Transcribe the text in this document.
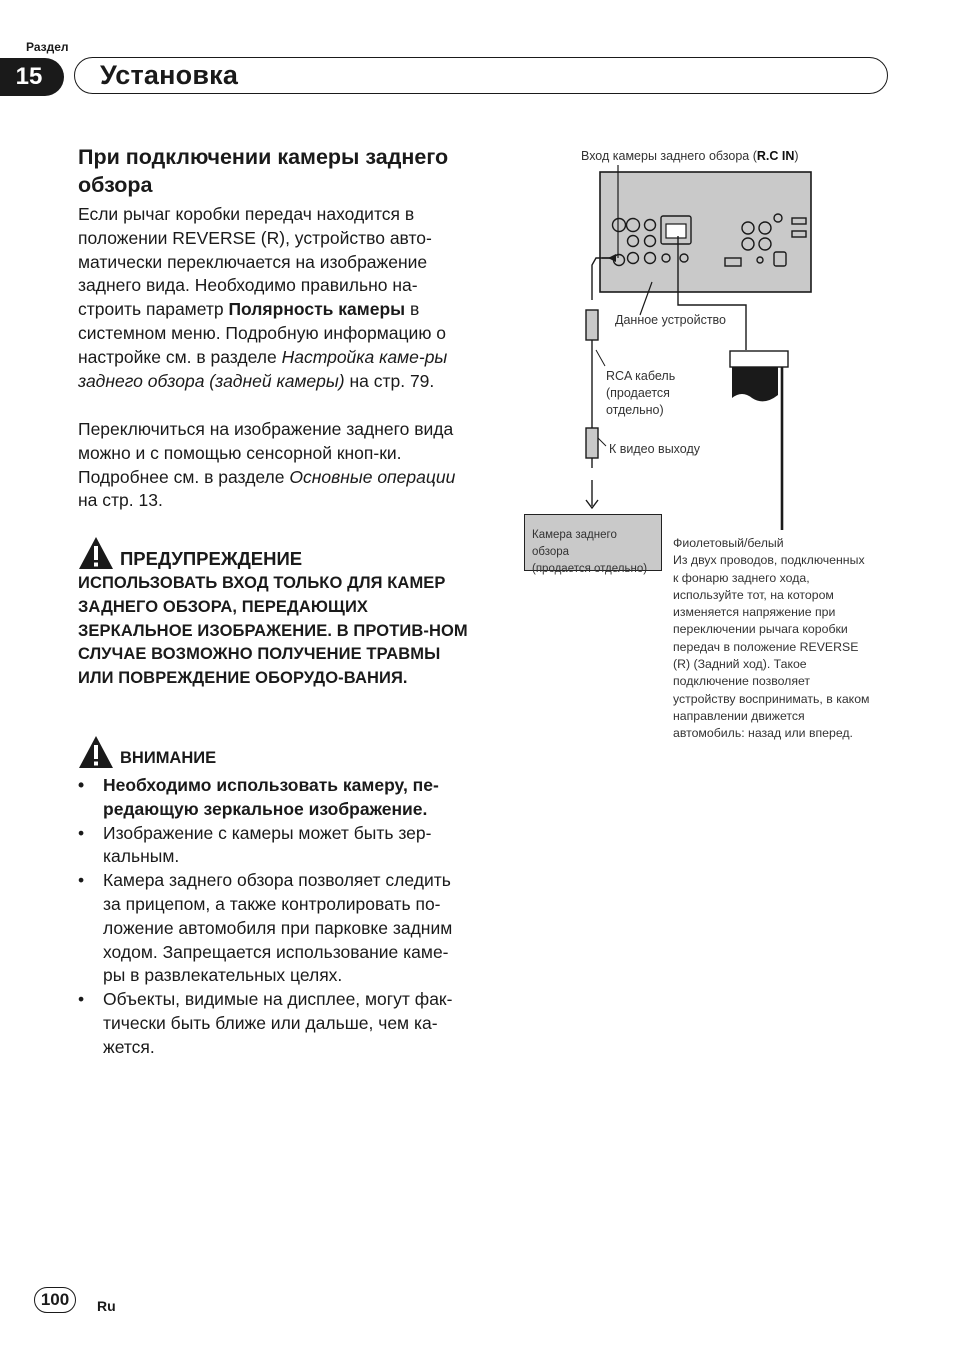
Раздел
15	Установка
При подключении камеры заднего обзора
Если рычаг коробки передач находится в положении REVERSE (R), устройство авто-матически переключается на изображение заднего вида. Необходимо правильно на-строить параметр Полярность камеры в системном меню. Подробную информацию о настройке см. в разделе Настройка каме-ры заднего обзора (задней камеры) на стр. 79.
Переключиться на изображение заднего вида можно и с помощью сенсорной кноп-ки. Подробнее см. в разделе Основные операции на стр. 13.
ПРЕДУПРЕЖДЕНИЕ
ИСПОЛЬЗОВАТЬ ВХОД ТОЛЬКО ДЛЯ КАМЕР ЗАДНЕГО ОБЗОРА, ПЕРЕДАЮЩИХ ЗЕРКАЛЬНОЕ ИЗОБРАЖЕНИЕ. В ПРОТИВ-НОМ СЛУЧАЕ ВОЗМОЖНО ПОЛУЧЕНИЕ ТРАВМЫ ИЛИ ПОВРЕЖДЕНИЕ ОБОРУДО-ВАНИЯ.
ВНИМАНИЕ
• Необходимо использовать камеру, пе-редающую зеркальное изображение.
• Изображение с камеры может быть зер-кальным.
• Камера заднего обзора позволяет следить за прицепом, а также контролировать по-ложение автомобиля при парковке задним ходом. Запрещается использование каме-ры в развлекательных целях.
• Объекты, видимые на дисплее, могут фак-тически быть ближе или дальше, чем ка-жется.
Вход камеры заднего обзора (R.C IN)
Данное устройство
RCA кабель (продается отдельно)
К видео выходу
Камера заднего обзора
(продается отдельно)
Фиолетовый/белый
Из двух проводов, подключенных к фонарю заднего хода, используйте тот, на котором изменяется напряжение при переключении рычага коробки передач в положение REVERSE (R) (Задний ход). Такое подключение позволяет устройству воспринимать, в каком направлении движется автомобиль: назад или вперед.
100	Ru
